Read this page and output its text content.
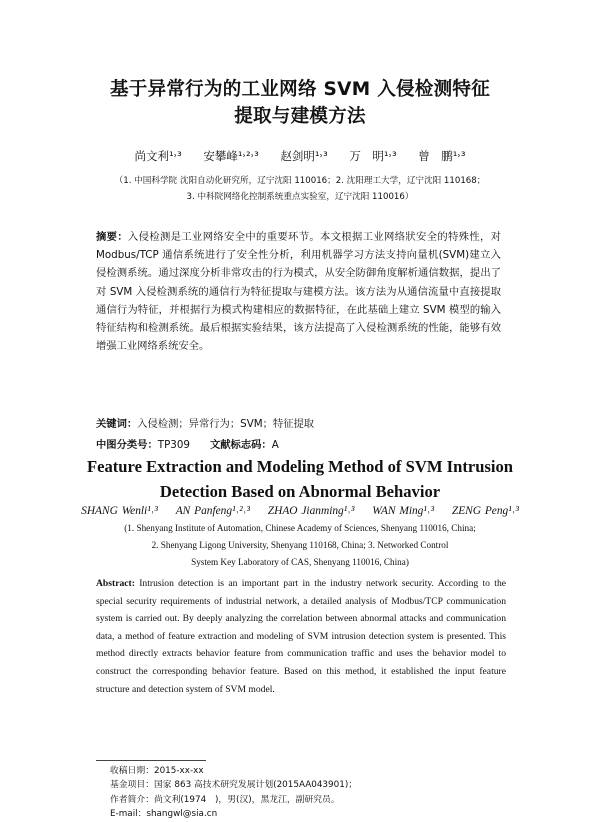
基于异常行为的工业网络 SVM 入侵检测特征
提取与建模方法
尚文利¹˒³ 安攀峰¹˒²˒³ 赵剑明¹˒³ 万　明¹˒³ 曾　鹏¹˒³
（1. 中国科学院 沈阳自动化研究所，辽宁沈阳 110016；2. 沈阳理工大学，辽宁沈阳 110168；
3. 中科院网络化控制系统重点实验室，辽宁沈阳 110016）
摘要：入侵检测是工业网络安全中的重要环节。本文根据工业网络狀安全的特殊性，对 Modbus/TCP 通信系统进行了安全性分析，利用机器学习方法支持向量机(SVM)建立入侵检测系统。通过深度分析非常攻击的行为模式，从安全防御角度解析通信数据，提出了对 SVM 入侵检测系统的通信行为特征提取与建模方法。该方法为从通信流量中直接提取通信行为特征，并根据行为模式构建相应的数据特征，在此基础上建立 SVM 模型的输入特征结构和检测系统。最后根据实验结果，该方法提高了入侵检测系统的性能，能够有效增强工业网络系统安全。
关键词：入侵检测；异常行为；SVM；特征提取
中图分类号：TP309 文献标志码：A
Feature Extraction and Modeling Method of SVM Intrusion
Detection Based on Abnormal Behavior
SHANG Wenli¹˒³ AN Panfeng¹˒²˒³ ZHAO Jianming¹˒³ WAN Ming¹˒³ ZENG Peng¹˒³
(1. Shenyang Institute of Automation, Chinese Academy of Sciences, Shenyang 110016, China;
2. Shenyang Ligong University, Shenyang 110168, China; 3. Networked Control
System Key Laboratory of CAS, Shenyang 110016, China)
Abstract: Intrusion detection is an important part in the industry network security. According to the special security requirements of industrial network, a detailed analysis of Modbus/TCP communication system is carried out. By deeply analyzing the correlation between abnormal attacks and communication data, a method of feature extraction and modeling of SVM intrusion detection system is presented. This method directly extracts behavior feature from communication traffic and uses the behavior model to construct the corresponding behavior feature. Based on this method, it established the input feature structure and detection system of SVM model.
收稿日期：2015-xx-xx
基金项目：国家 863 高技术研究发展计划(2015AA043901)；
作者简介：尚文利(1974　)，男(汉)，黑龙江，副研究员。
E-mail：shangwl@sia.cn
